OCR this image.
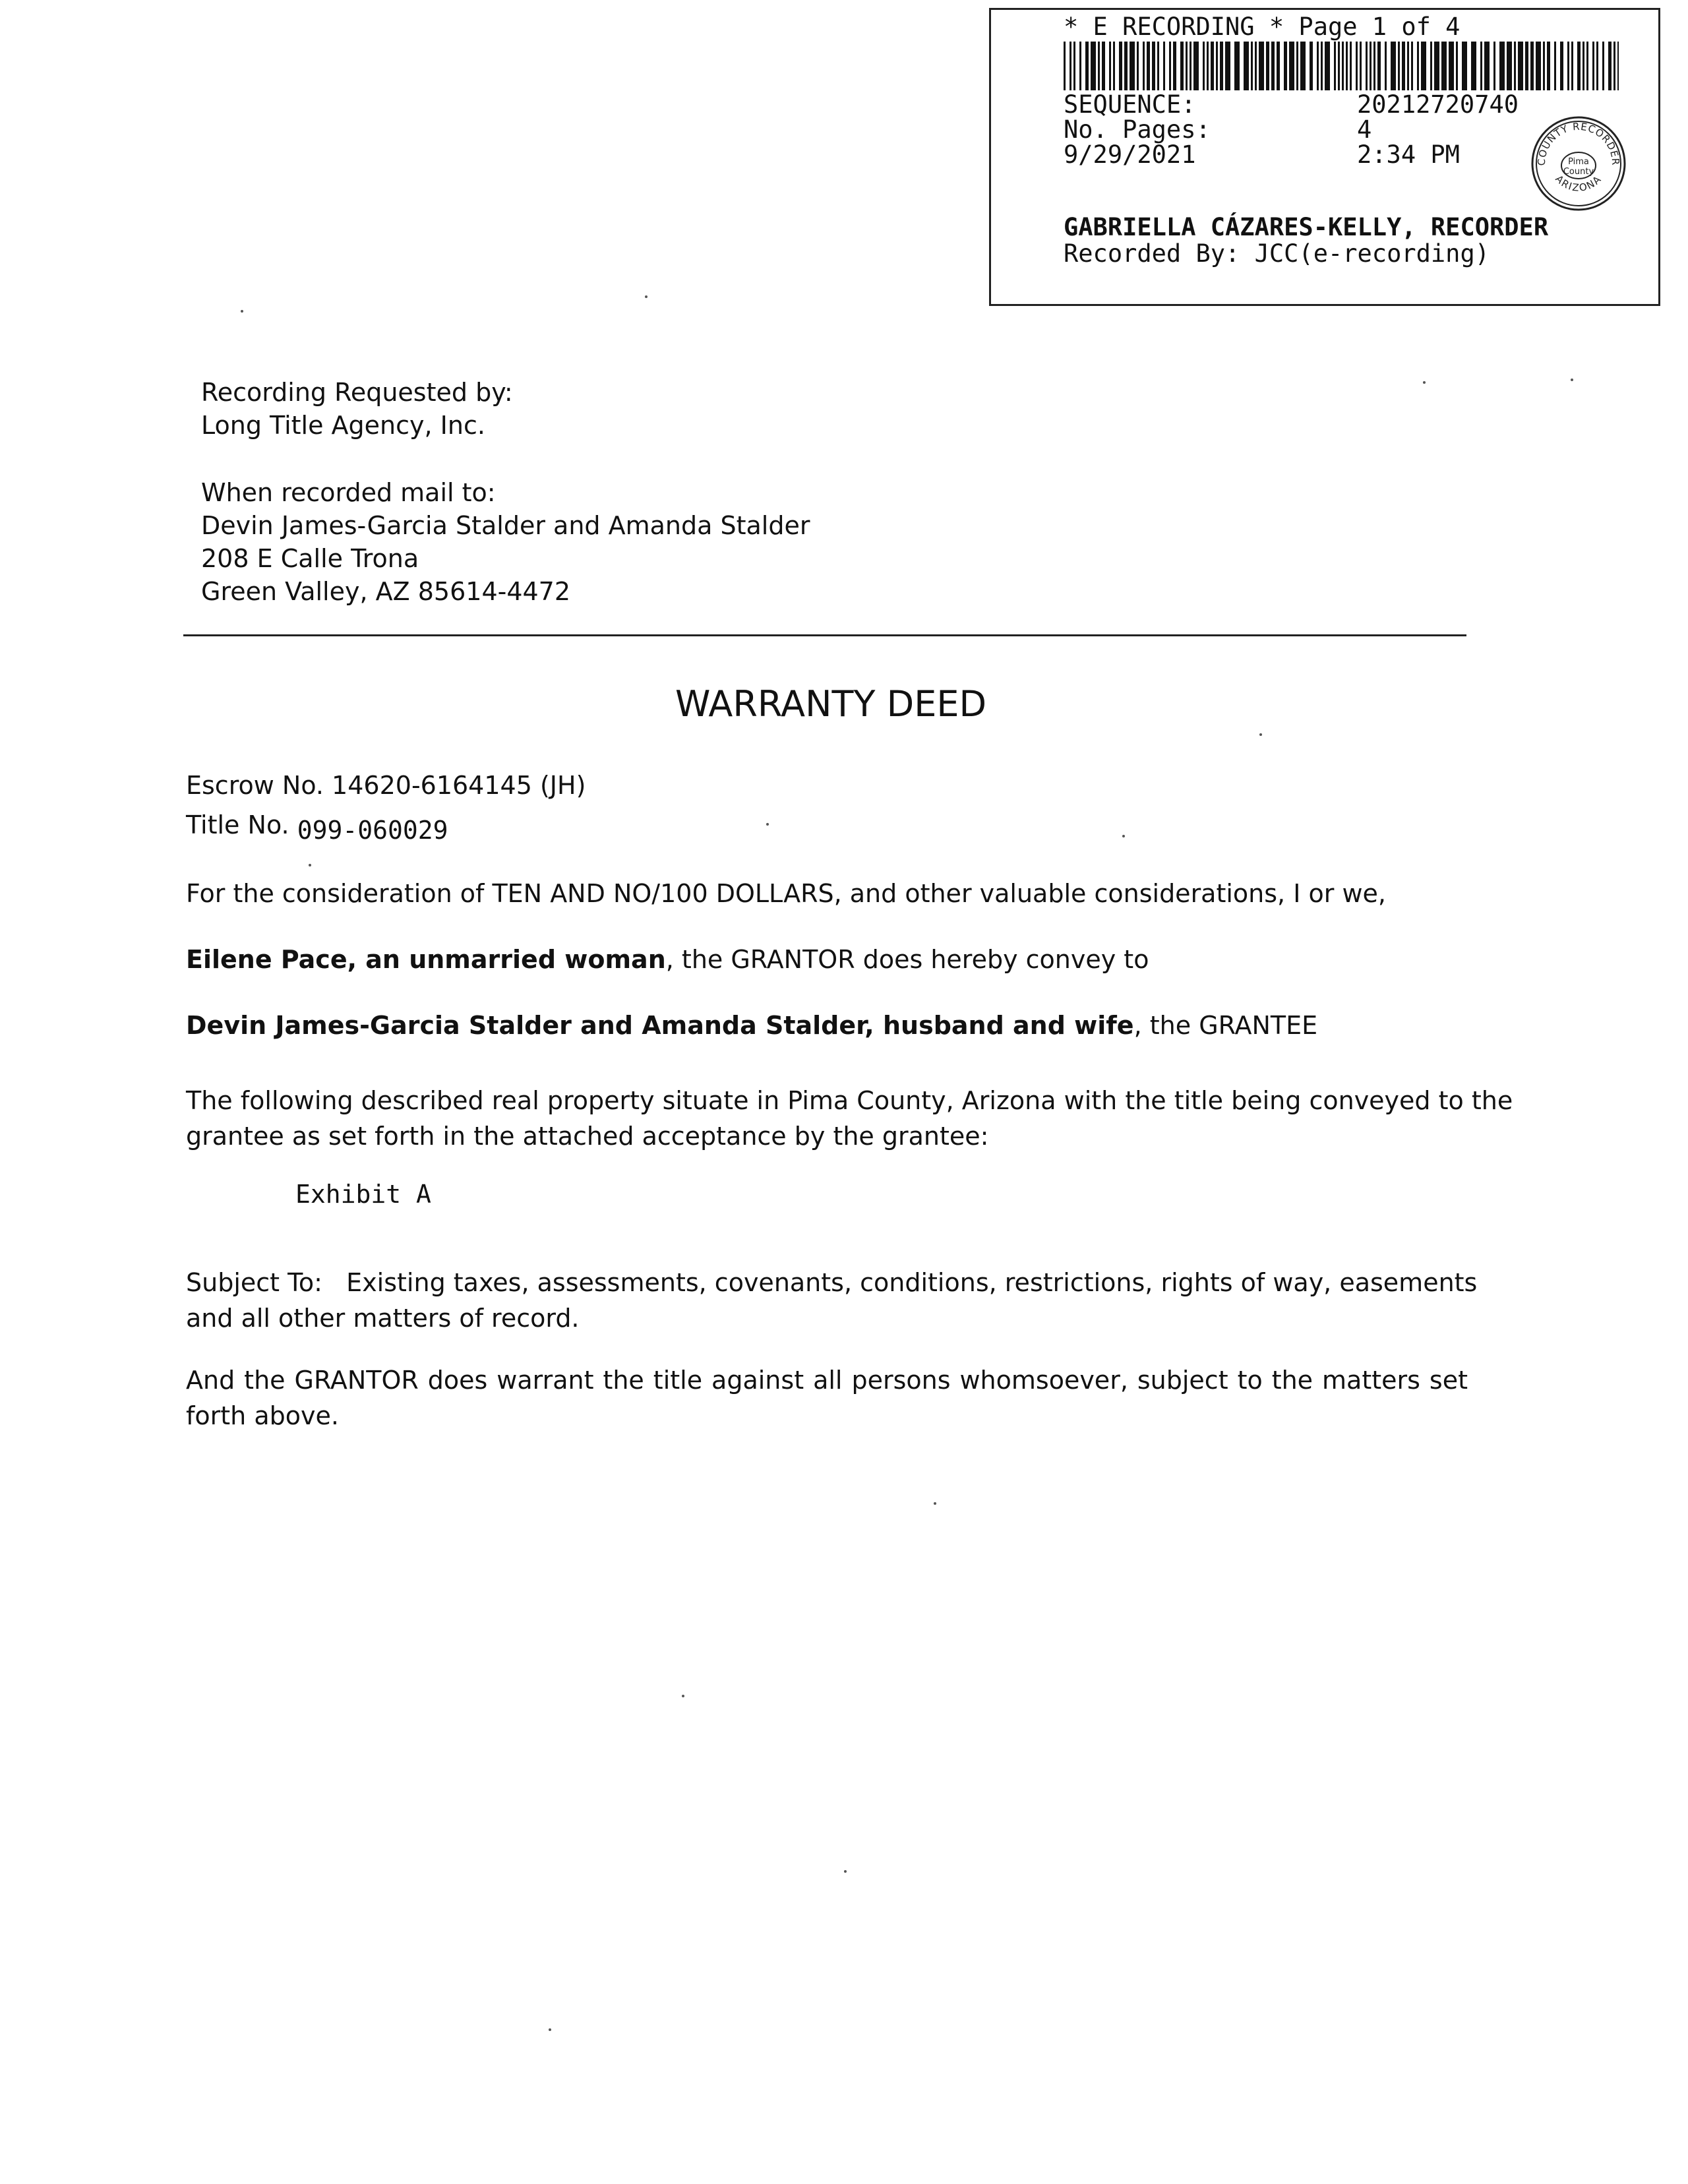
* E RECORDING * Page 1 of 4
SEQUENCE:	20212720740
No. Pages:	4
9/29/2021	2:34 PM	COUNTY RECORDER
ARIZONA
Pima
County
GABRIELLA CÁZARES-KELLY, RECORDER
Recorded By: JCC(e-recording)
Recording Requested by:
Long Title Agency, Inc.
When recorded mail to:
Devin James-Garcia Stalder and Amanda Stalder
208 E Calle Trona
Green Valley, AZ 85614-4472
WARRANTY DEED
Escrow No. 14620-6164145 (JH)
Title No. 099-060029
For the consideration of TEN AND NO/100 DOLLARS, and other valuable considerations, I or we,
Eilene Pace, an unmarried woman, the GRANTOR does hereby convey to
Devin James-Garcia Stalder and Amanda Stalder, husband and wife, the GRANTEE
The following described real property situate in Pima County, Arizona with the title being conveyed to the
grantee as set forth in the attached acceptance by the grantee:
Exhibit A
Subject To:   Existing taxes, assessments, covenants, conditions, restrictions, rights of way, easements
and all other matters of record.
And the GRANTOR does warrant the title against all persons whomsoever, subject to the matters set
forth above.
